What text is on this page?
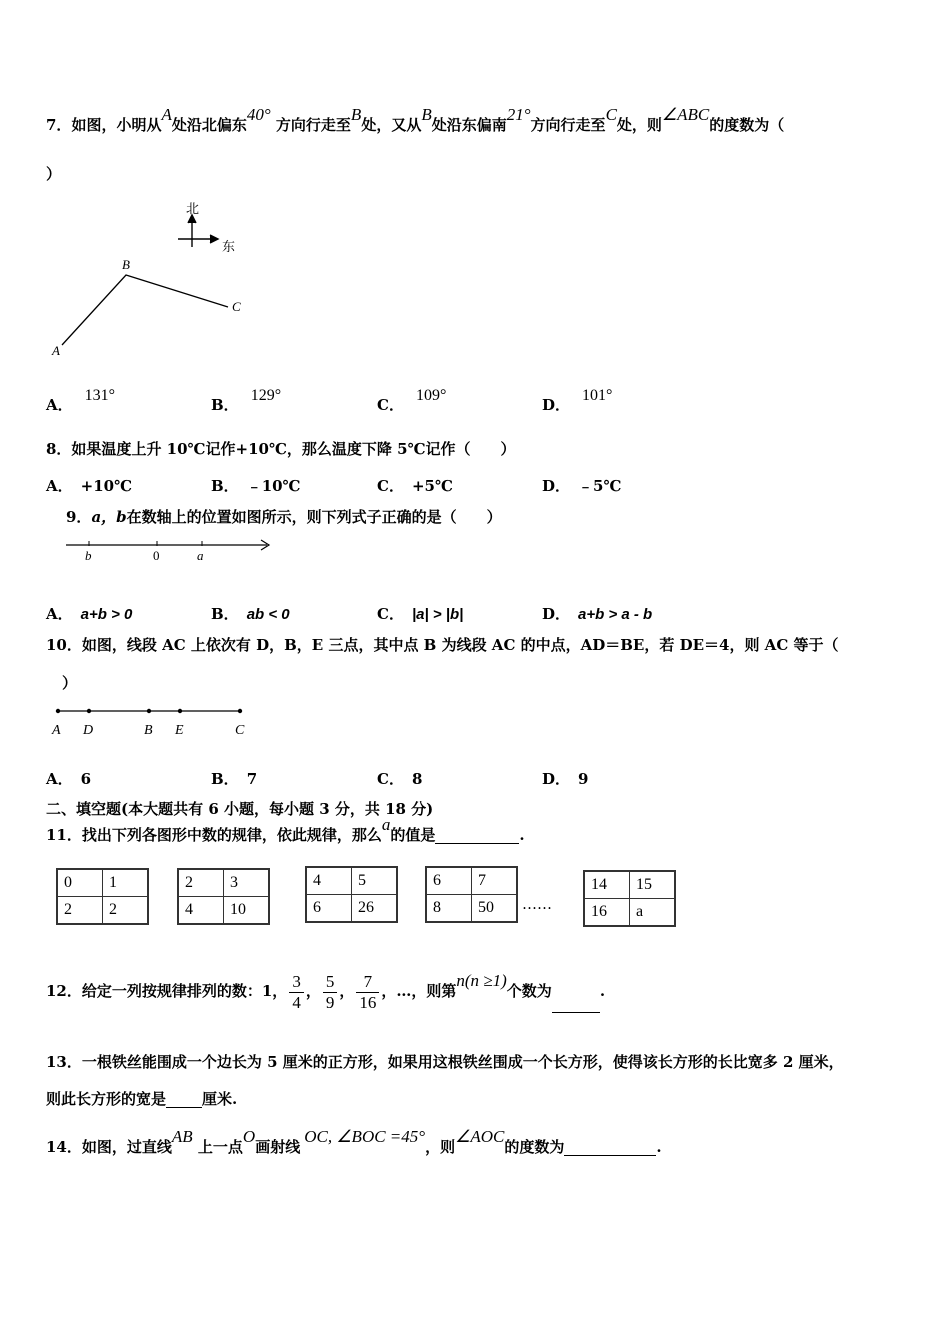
7．如图，小明从A处沿北偏东40° 方向行走至B处，又从B处沿东偏南21°方向行走至C处，则∠ABC的度数为（
）
北
东
A
B
C
A．131°
B．129°
C．109°
D．101°
8．如果温度上升 10℃记作+10℃，那么温度下降 5℃记作（　　）
A． +10℃	B． ﹣10℃	C． +5℃	D． ﹣5℃
9．a，b在数轴上的位置如图所示，则下列式子正确的是（　　）
b	0	a
A． a+b > 0	B． ab < 0	C． |a| > |b|	D． a+b > a - b
10．如图，线段 AC 上依次有 D，B，E 三点，其中点 B 为线段 AC 的中点，AD＝BE，若 DE＝4，则 AC 等于（
）
A D	B E	C
A． 6	B． 7	C． 8	D． 9
二、填空题(本大题共有 6 小题，每小题 3 分，共 18 分)
11．找出下列各图形中数的规律，依此规律，那么a的值是	.
0	1
2	2
2	3
4	10
4	5
6	26
6	7
8	50 ……
14	15
16	a
12．给定一列按规律排列的数：1， $\frac{3}{4}$ ， $\frac{5}{9}$ ， $\frac{7}{16}$ ，…，则第n(n ≥1)个数为	.
13．一根铁丝能围成一个边长为 5 厘米的正方形，如果用这根铁丝围成一个长方形，使得该长方形的长比宽多 2 厘米，
则此长方形的宽是 厘米.
14．如图，过直线AB 上一点O画射线OC, ∠BOC =45°，则∠AOC的度数为	.
